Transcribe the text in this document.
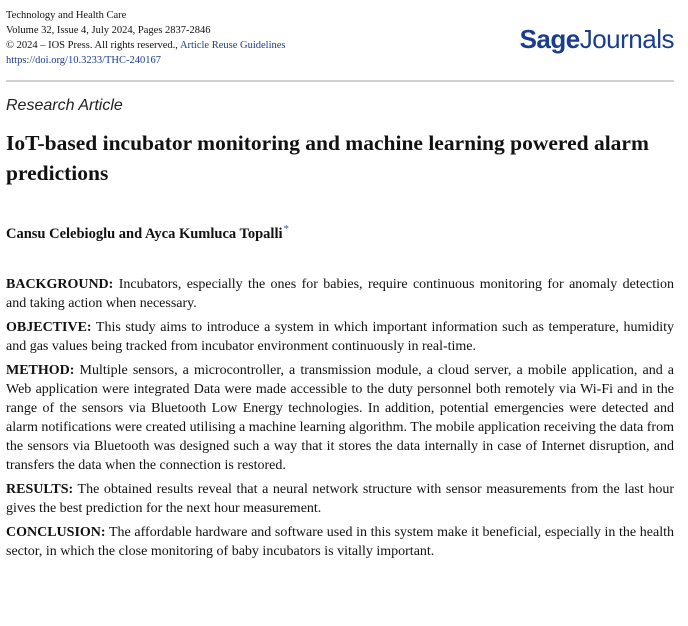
Technology and Health Care
Volume 32, Issue 4, July 2024, Pages 2837-2846
© 2024 – IOS Press. All rights reserved., Article Reuse Guidelines
https://doi.org/10.3233/THC-240167
SageJournals
Research Article
IoT-based incubator monitoring and machine learning powered alarm predictions
Cansu Celebioglu and Ayca Kumluca Topalli*

BACKGROUND: Incubators, especially the ones for babies, require continuous monitoring for anomaly detection and taking action when necessary.

OBJECTIVE: This study aims to introduce a system in which important information such as temperature, humidity and gas values being tracked from incubator environment continuously in real-time.

METHOD: Multiple sensors, a microcontroller, a transmission module, a cloud server, a mobile application, and a Web application were integrated Data were made accessible to the duty personnel both remotely via Wi-Fi and in the range of the sensors via Bluetooth Low Energy technologies. In addition, potential emergencies were detected and alarm notifications were created utilising a machine learning algorithm. The mobile application receiving the data from the sensors via Bluetooth was designed such a way that it stores the data internally in case of Internet disruption, and transfers the data when the connection is restored.

RESULTS: The obtained results reveal that a neural network structure with sensor measurements from the last hour gives the best prediction for the next hour measurement.

CONCLUSION: The affordable hardware and software used in this system make it beneficial, especially in the health sector, in which the close monitoring of baby incubators is vitally important.
